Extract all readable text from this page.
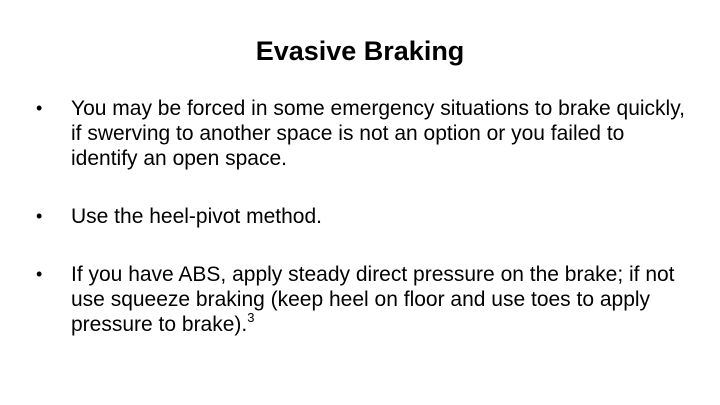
Evasive Braking
•	You may be forced in some emergency situations to brake quickly, if swerving to another space is not an option or you failed to identify an open space.
•	Use the heel-pivot method.
•	If you have ABS, apply steady direct pressure on the brake; if not use squeeze braking (keep heel on floor and use toes to apply pressure to brake).$^3$
